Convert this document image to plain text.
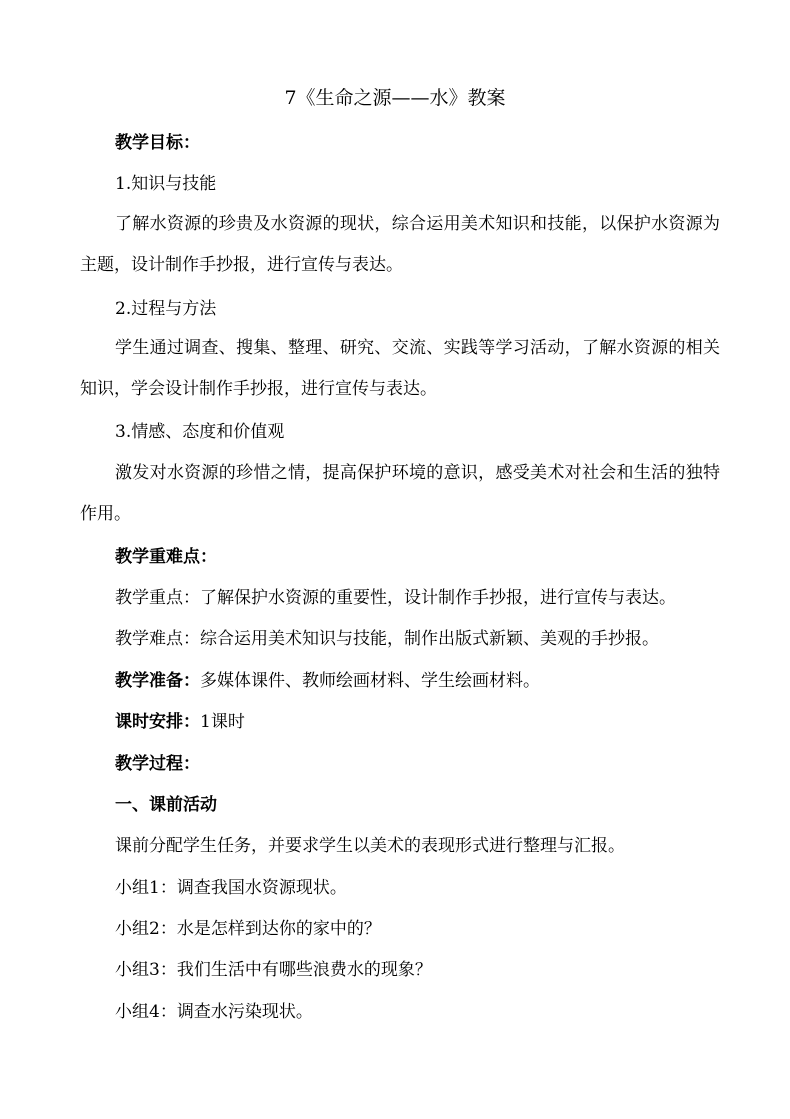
7《生命之源——水》教案
教学目标：
1.知识与技能
了解水资源的珍贵及水资源的现状，综合运用美术知识和技能，以保护水资源为主题，设计制作手抄报，进行宣传与表达。
2.过程与方法
学生通过调查、搜集、整理、研究、交流、实践等学习活动，了解水资源的相关知识，学会设计制作手抄报，进行宣传与表达。
3.情感、态度和价值观
激发对水资源的珍惜之情，提高保护环境的意识，感受美术对社会和生活的独特作用。
教学重难点：
教学重点：了解保护水资源的重要性，设计制作手抄报，进行宣传与表达。
教学难点：综合运用美术知识与技能，制作出版式新颖、美观的手抄报。
教学准备：多媒体课件、教师绘画材料、学生绘画材料。
课时安排：1课时
教学过程：
一、课前活动
课前分配学生任务，并要求学生以美术的表现形式进行整理与汇报。
小组1：调查我国水资源现状。
小组2：水是怎样到达你的家中的？
小组3：我们生活中有哪些浪费水的现象？
小组4：调查水污染现状。
